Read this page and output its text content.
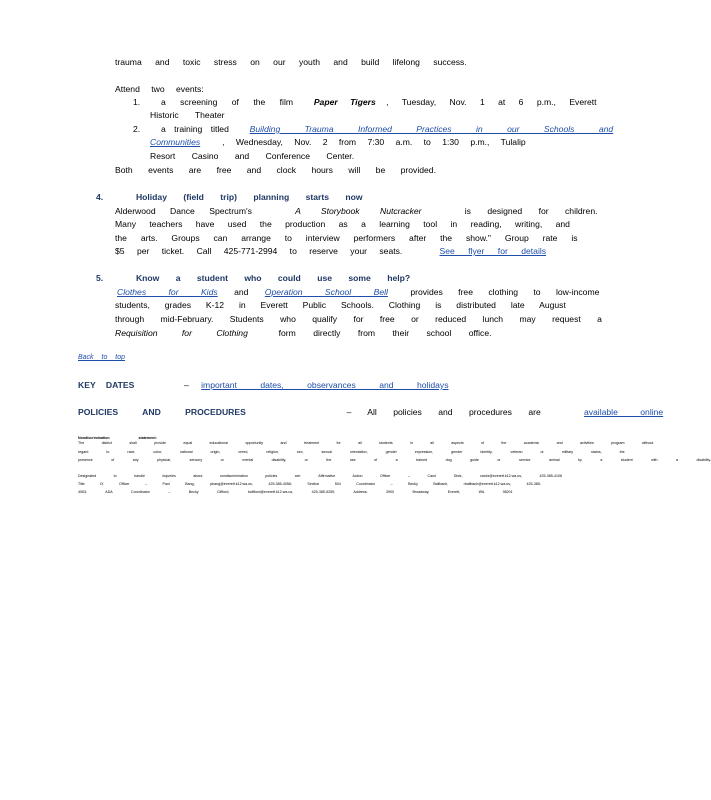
trauma and toxic stress on our youth and build lifelong success.
Attend two events:
1. a screening of the film Paper Tigers , Tuesday, Nov. 1 at 6 p.m., Everett
Historic Theater
2. a training titled Building Trauma Informed Practices in our Schools and
Communities	, Wednesday, Nov. 2 from 7:30 a.m. to 1:30 p.m., Tulalip
Resort Casino and Conference Center.
Both events are free and clock hours will be provided.
4.	Holiday (field trip) planning starts now
Alderwood Dance Spectrum's	A Storybook Nutcracker	is designed for children.
Many teachers have used the production as a learning tool in reading, writing, and
the arts. Groups can arrange to interview performers after the show." Group rate is
$5 per ticket. Call 425-771-2994 to reserve your seats.	See flyer for details
5.	Know a student who could use some help?
Clothes for Kids and Operation School Bell	provides free clothing to low-income
students, grades K-12 in Everett Public Schools. Clothing is distributed late August
through mid-February. Students who qualify for free or reduced lunch may request a
Requisition for Clothing	form directly from their school office.
Back to top
KEY DATES	– important dates, observances and holidays
POLICIES AND PROCEDURES	– All policies and procedures are	available online
Nondiscrimination statement:
The district shall provide equal educational opportunity and treatment for all students in all aspects of the academic and activities program without
regard to race, color, national origin, creed, religion, sex, sexual orientation, gender expression, gender identity, veteran or military status, the
presence of any physical, sensory or mental disability, or the use of a trained dog guide or service animal by a student with a disability.
Designated to handle inquiries about nondiscrimination policies are: Affirmative Action Officer – Carol Stolz, cstolz@everett.k12.wa.us, 425-385-4106
Title IX Officer – Paul Bang, pbang@everett.k12.wa.us, 425-385-4056; Section 504 Coordinator – Becky Ballbach, rballbach@everett.k12.wa.us, 425-385-
4063; ADA Coordinator – Becky Clifford, bclifford@everett.k12.wa.us, 425-385-5250; Address: 3900 Broadway, Everett, WA 98201
